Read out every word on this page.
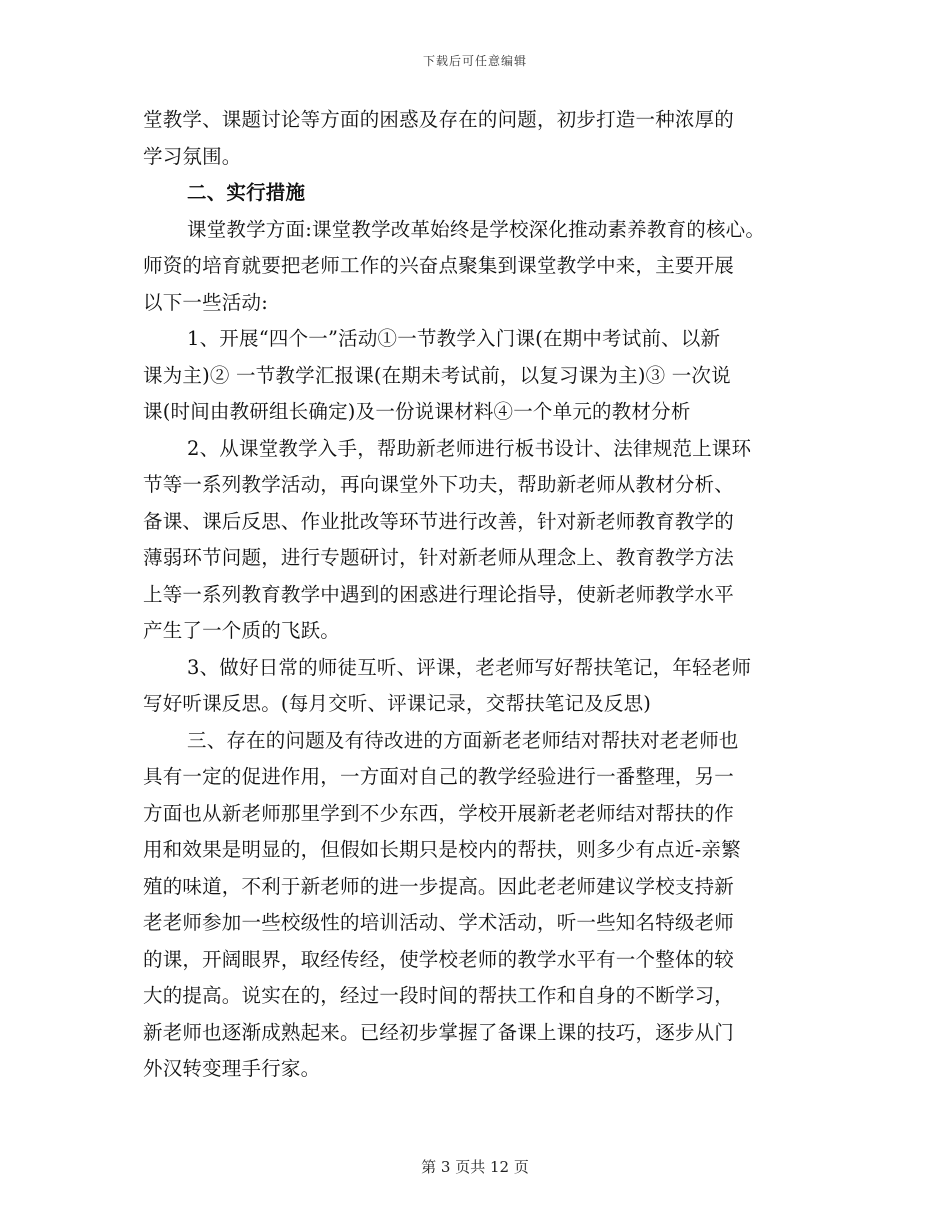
下载后可任意编辑
堂教学、课题讨论等方面的困惑及存在的问题，初步打造一种浓厚的
学习氛围。
二、实行措施
课堂教学方面:课堂教学改革始终是学校深化推动素养教育的核心。
师资的培育就要把老师工作的兴奋点聚集到课堂教学中来，主要开展
以下一些活动:
1、开展“四个一”活动①一节教学入门课(在期中考试前、以新
课为主)② 一节教学汇报课(在期未考试前，以复习课为主)③ 一次说
课(时间由教研组长确定)及一份说课材料④一个单元的教材分析
2、从课堂教学入手，帮助新老师进行板书设计、法律规范上课环
节等一系列教学活动，再向课堂外下功夫，帮助新老师从教材分析、
备课、课后反思、作业批改等环节进行改善，针对新老师教育教学的
薄弱环节问题，进行专题研讨，针对新老师从理念上、教育教学方法
上等一系列教育教学中遇到的困惑进行理论指导，使新老师教学水平
产生了一个质的飞跃。
3、做好日常的师徒互听、评课，老老师写好帮扶笔记，年轻老师
写好听课反思。(每月交听、评课记录，交帮扶笔记及反思)
三、存在的问题及有待改进的方面新老老师结对帮扶对老老师也
具有一定的促进作用，一方面对自己的教学经验进行一番整理，另一
方面也从新老师那里学到不少东西，学校开展新老老师结对帮扶的作
用和效果是明显的，但假如长期只是校内的帮扶，则多少有点近-亲繁
殖的味道，不利于新老师的进一步提高。因此老老师建议学校支持新
老老师参加一些校级性的培训活动、学术活动，听一些知名特级老师
的课，开阔眼界，取经传经，使学校老师的教学水平有一个整体的较
大的提高。说实在的，经过一段时间的帮扶工作和自身的不断学习，
新老师也逐渐成熟起来。已经初步掌握了备课上课的技巧，逐步从门
外汉转变理手行家。
第 3 页共 12 页
